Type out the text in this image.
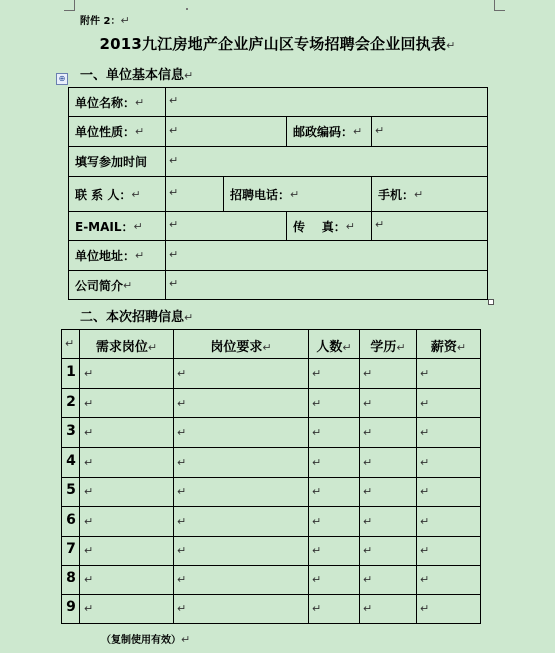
附件 2：↵
2013九江房地产企业庐山区专场招聘会企业回执表↵
⊕ 一、单位基本信息↵
单位名称： ↵ ↵
单位性质： ↵ ↵	邮政编码： ↵ ↵
填写参加时间 ↵
联 系 人： ↵	↵	招聘电话： ↵	手机： ↵
E-MAIL： ↵ ↵	传    真： ↵ ↵
单位地址： ↵ ↵
公司简介 ↵	↵
二、本次招聘信息↵
↵	需求岗位↵	岗位要求↵	人数↵	学历↵	薪资↵
1 ↵	↵	↵	↵	↵
2 ↵	↵	↵	↵	↵
3 ↵	↵	↵	↵	↵
4 ↵	↵	↵	↵	↵
5 ↵	↵	↵	↵	↵
6 ↵	↵	↵	↵	↵
7 ↵	↵	↵	↵	↵
8 ↵	↵	↵	↵	↵
9 ↵	↵	↵	↵	↵
（复制使用有效）↵
